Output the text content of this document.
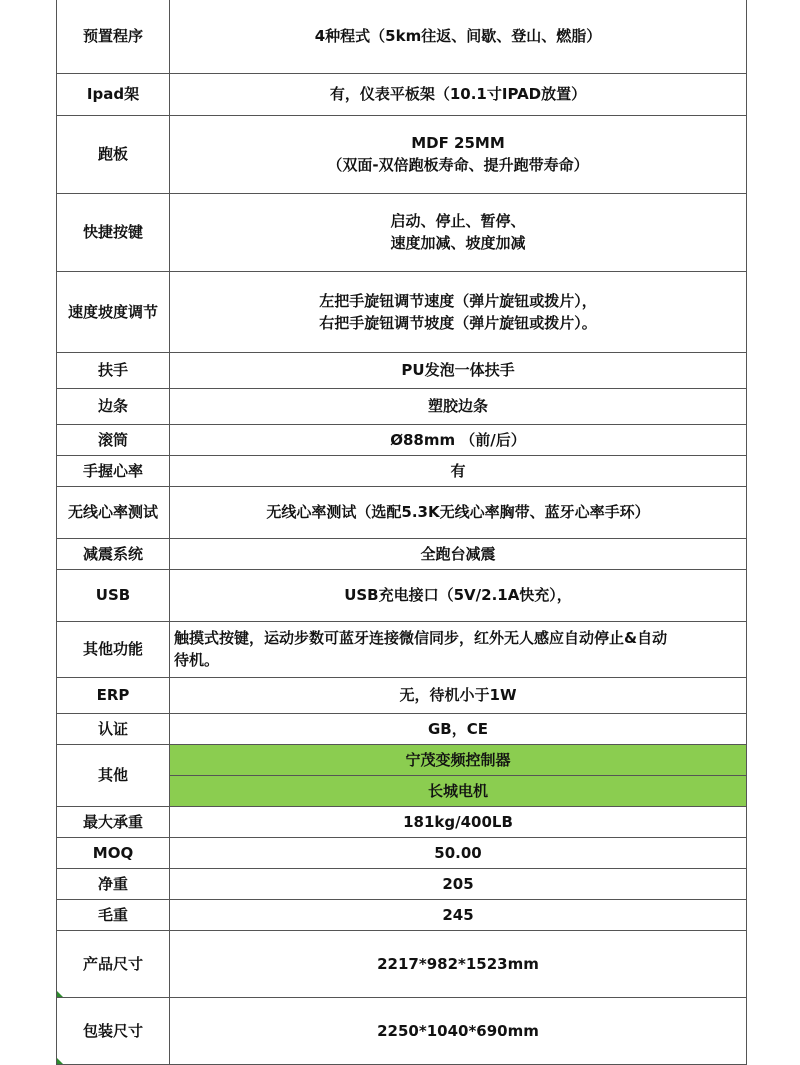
预置程序	4种程式（5km往返、间歇、登山、燃脂）
Ipad架	有，仪表平板架（10.1寸IPAD放置）
跑板	MDF 25MM
（双面-双倍跑板寿命、提升跑带寿命）
快捷按键	启动、停止、暂停、
速度加减、坡度加减
速度坡度调节	左把手旋钮调节速度（弹片旋钮或拨片），
右把手旋钮调节坡度（弹片旋钮或拨片）。
扶手	PU发泡一体扶手
边条	塑胶边条
滚筒	Ø88mm （前/后）
手握心率	有
无线心率测试	无线心率测试（选配5.3K无线心率胸带、蓝牙心率手环）
减震系统	全跑台减震
USB	USB充电接口（5V/2.1A快充），
其他功能	触摸式按键，运动步数可蓝牙连接微信同步，红外无人感应自动停止&自动
待机。
ERP	无，待机小于1W
认证	GB，CE
其他	宁茂变频控制器
	长城电机
最大承重	181kg/400LB
MOQ	50.00
净重	205
毛重	245

产品尺寸	2217*982*1523mm

包装尺寸	2250*1040*690mm
